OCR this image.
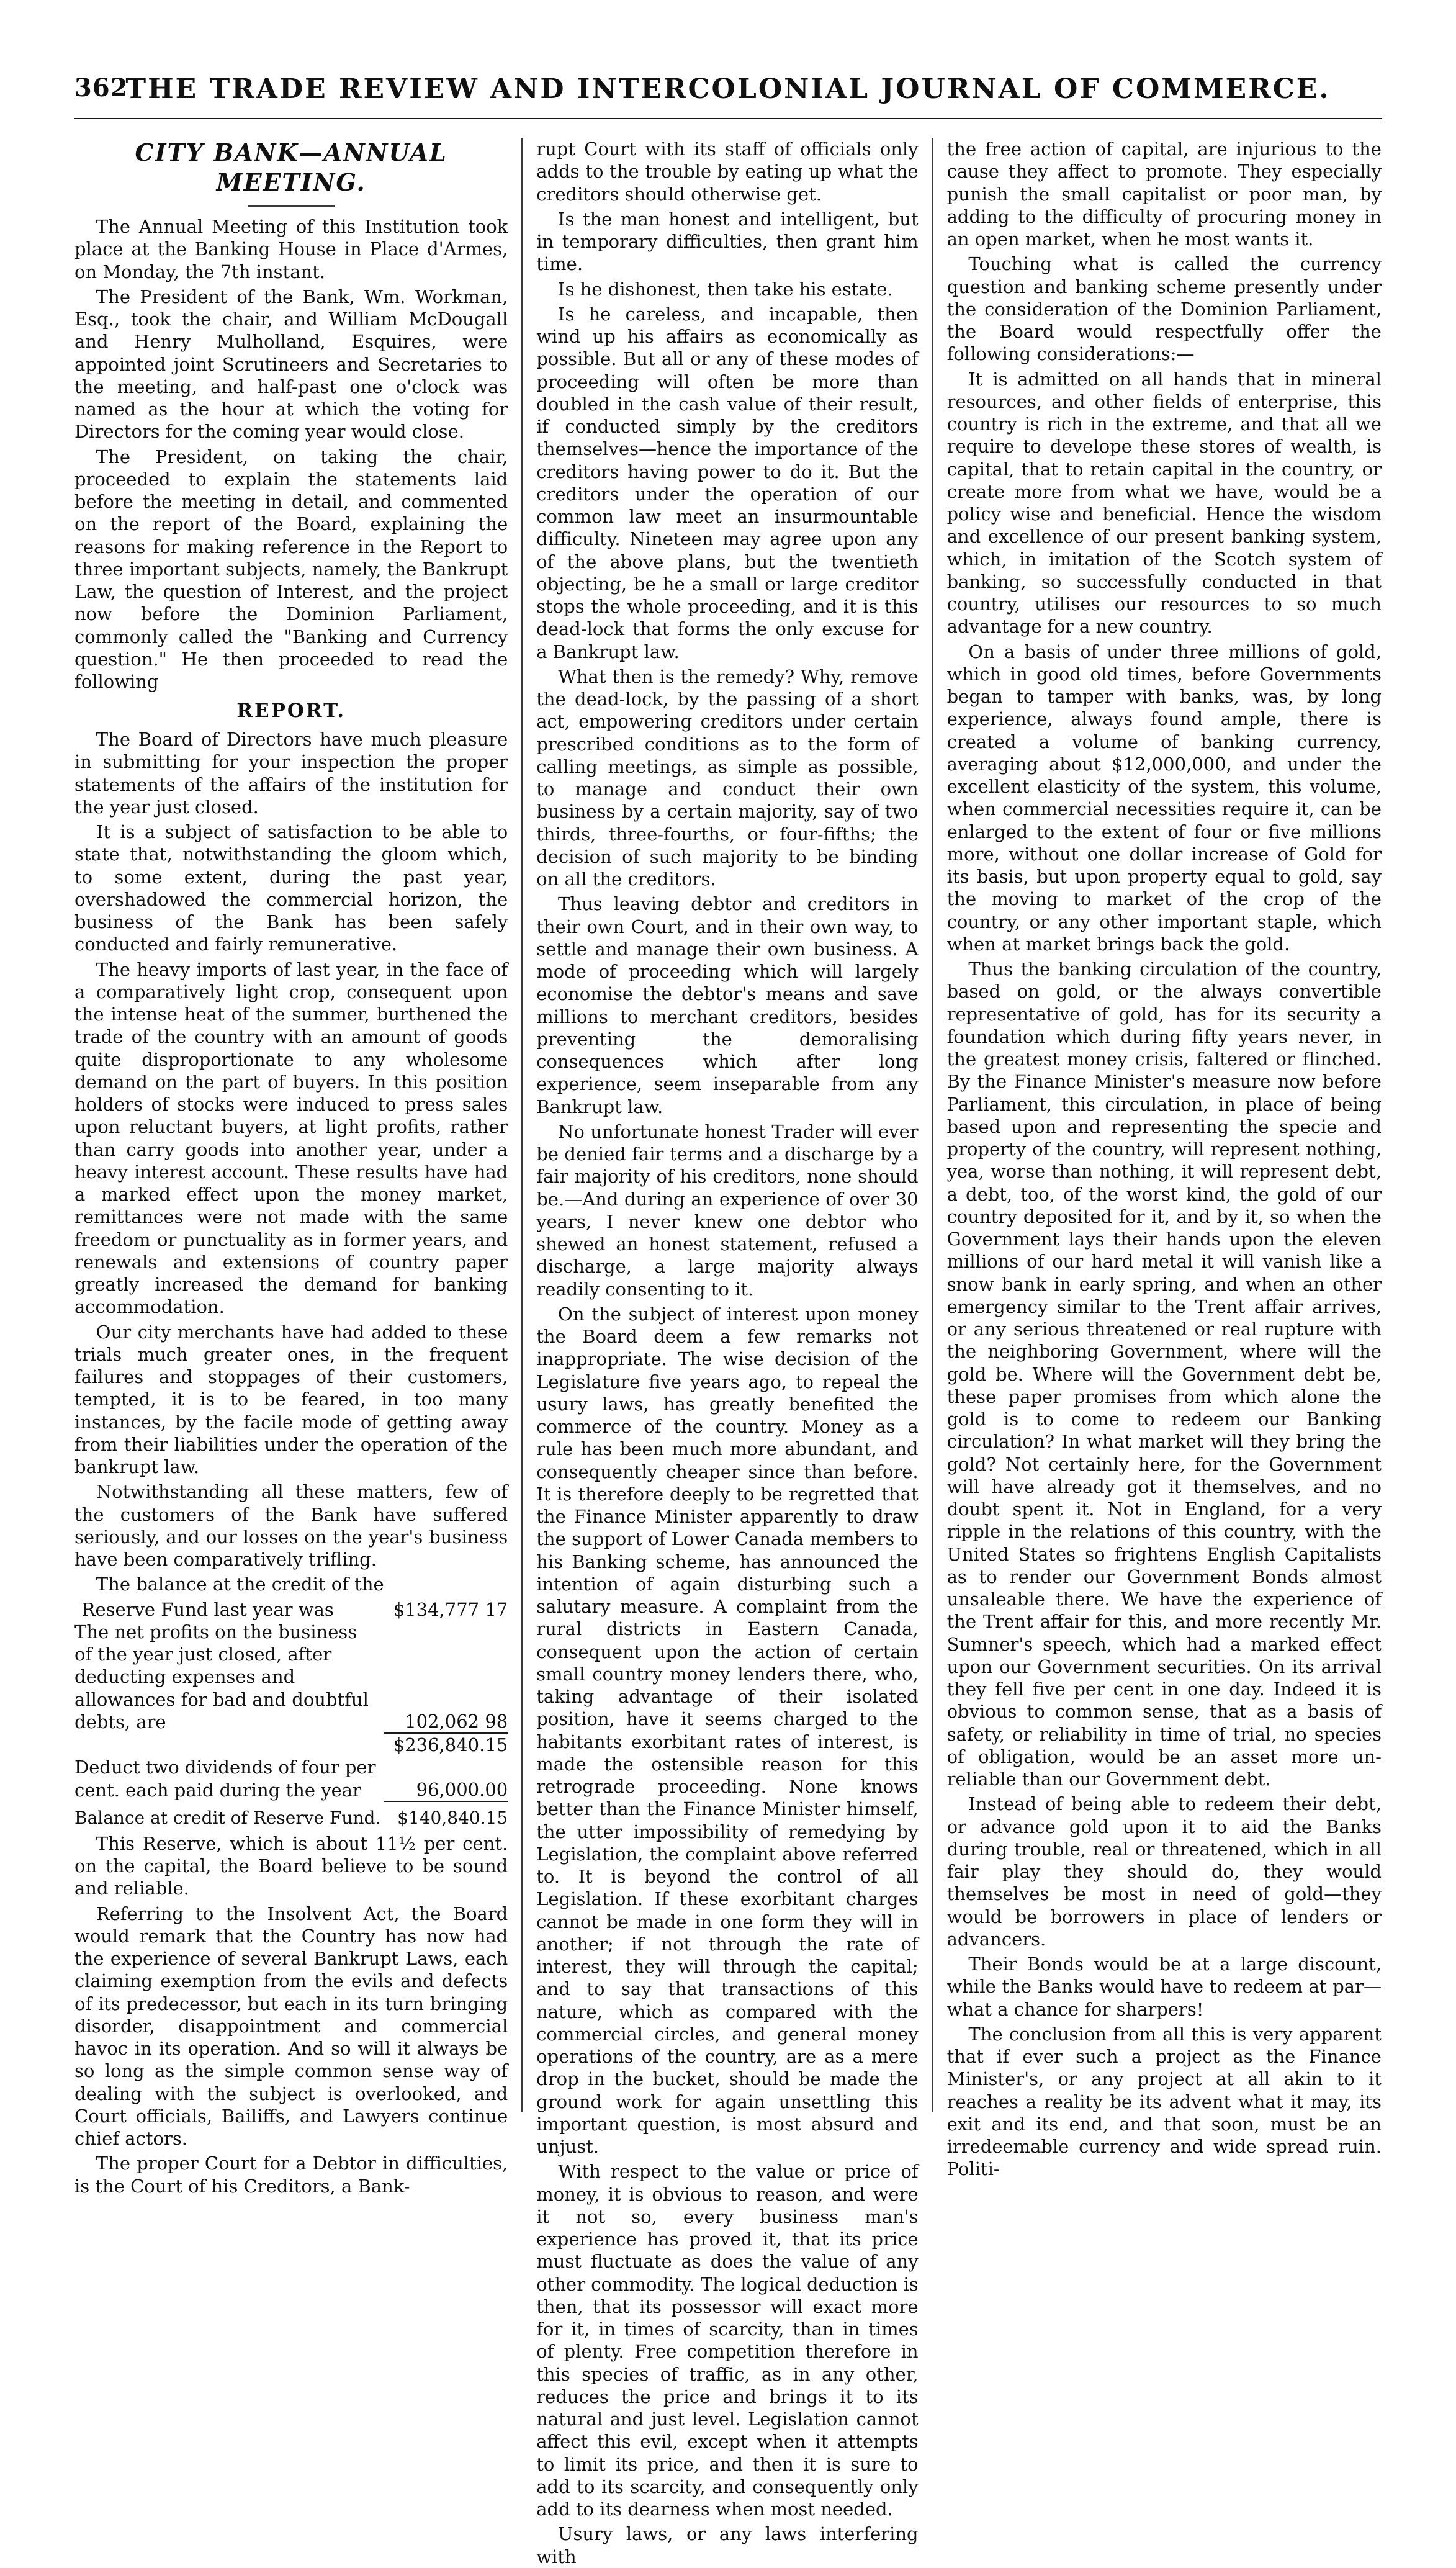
362
THE TRADE REVIEW AND INTERCOLONIAL JOURNAL OF COMMERCE.
CITY BANK—ANNUAL MEETING.

The Annual Meeting of this Institution took place at the Banking House in Place d'Armes, on Monday, the 7th instant.

The President of the Bank, Wm. Workman, Esq., took the chair, and William McDougall and Henry Mulholland, Esquires, were appointed joint Scrutineers and Secretaries to the meeting, and half-past one o'clock was named as the hour at which the voting for Directors for the coming year would close.

The President, on taking the chair, proceeded to explain the statements laid before the meeting in detail, and commented on the report of the Board, explaining the reasons for making reference in the Report to three important subjects, namely, the Bankrupt Law, the question of Interest, and the project now before the Dominion Parliament, commonly called the "Banking and Currency question." He then proceeded to read the following

REPORT.

The Board of Directors have much pleasure in submitting for your inspection the proper statements of the affairs of the institution for the year just closed.

It is a subject of satisfaction to be able to state that, notwithstanding the gloom which, to some extent, during the past year, overshadowed the commercial horizon, the business of the Bank has been safely conducted and fairly remunerative.

The heavy imports of last year, in the face of a comparatively light crop, consequent upon the intense heat of the summer, burthened the trade of the country with an amount of goods quite disproportionate to any wholesome demand on the part of buyers. In this position holders of stocks were induced to press sales upon reluctant buyers, at light profits, rather than carry goods into another year, under a heavy interest account. These results have had a marked effect upon the money market, remittances were not made with the same freedom or punctuality as in former years, and renewals and extensions of country paper greatly increased the demand for banking accommodation.

Our city merchants have had added to these trials much greater ones, in the frequent failures and stoppages of their customers, tempted, it is to be feared, in too many instances, by the facile mode of getting away from their liabilities under the operation of the bankrupt law.

Notwithstanding all these matters, few of the customers of the Bank have suffered seriously, and our losses on the year's business have been comparatively trifling.

The balance at the credit of the

Reserve Fund last year was	$134,777 17
The net profits on the business of the year just closed, after deducting expenses and allowances for bad and doubtful debts, are	102,062 98
	$236,840.15
Deduct two dividends of four per cent. each paid during the year	96,000.00
Balance at credit of Reserve Fund. $140,840.15

This Reserve, which is about 11½ per cent. on the capital, the Board believe to be sound and reliable.

Referring to the Insolvent Act, the Board would remark that the Country has now had the experience of several Bankrupt Laws, each claiming exemption from the evils and defects of its predecessor, but each in its turn bringing disorder, disappointment and commercial havoc in its operation. And so will it always be so long as the simple common sense way of dealing with the subject is overlooked, and Court officials, Bailiffs, and Lawyers continue chief actors.

The proper Court for a Debtor in difficulties, is the Court of his Creditors, a Bank-

rupt Court with its staff of officials only adds to the trouble by eating up what the creditors should otherwise get.

Is the man honest and intelligent, but in temporary difficulties, then grant him time.

Is he dishonest, then take his estate.

Is he careless, and incapable, then wind up his affairs as economically as possible. But all or any of these modes of proceeding will often be more than doubled in the cash value of their result, if conducted simply by the creditors themselves—hence the importance of the creditors having power to do it. But the creditors under the operation of our common law meet an insurmountable difficulty. Nineteen may agree upon any of the above plans, but the twentieth objecting, be he a small or large creditor stops the whole proceeding, and it is this dead-lock that forms the only excuse for a Bankrupt law.

What then is the remedy? Why, remove the dead-lock, by the passing of a short act, empowering creditors under certain prescribed conditions as to the form of calling meetings, as simple as possible, to manage and conduct their own business by a certain majority, say of two thirds, three-fourths, or four-fifths; the decision of such majority to be binding on all the creditors.

Thus leaving debtor and creditors in their own Court, and in their own way, to settle and manage their own business. A mode of proceeding which will largely economise the debtor's means and save millions to merchant creditors, besides preventing the demoralising consequences which after long experience, seem inseparable from any Bankrupt law.

No unfortunate honest Trader will ever be denied fair terms and a discharge by a fair majority of his creditors, none should be.—And during an experience of over 30 years, I never knew one debtor who shewed an honest statement, refused a discharge, a large majority always readily consenting to it.

On the subject of interest upon money the Board deem a few remarks not inappropriate. The wise decision of the Legislature five years ago, to repeal the usury laws, has greatly benefited the commerce of the country. Money as a rule has been much more abundant, and consequently cheaper since than before. It is therefore deeply to be regretted that the Finance Minister apparently to draw the support of Lower Canada members to his Banking scheme, has announced the intention of again disturbing such a salutary measure. A complaint from the rural districts in Eastern Canada, consequent upon the action of certain small country money lenders there, who, taking advantage of their isolated position, have it seems charged to the habitants exorbitant rates of interest, is made the ostensible reason for this retrograde proceeding. None knows better than the Finance Minister himself, the utter impossibility of remedying by Legislation, the complaint above referred to. It is beyond the control of all Legislation. If these exorbitant charges cannot be made in one form they will in another; if not through the rate of interest, they will through the capital; and to say that transactions of this nature, which as compared with the commercial circles, and general money operations of the country, are as a mere drop in the bucket, should be made the ground work for again unsettling this important question, is most absurd and unjust.

With respect to the value or price of money, it is obvious to reason, and were it not so, every business man's experience has proved it, that its price must fluctuate as does the value of any other commodity. The logical deduction is then, that its possessor will exact more for it, in times of scarcity, than in times of plenty. Free competition therefore in this species of traffic, as in any other, reduces the price and brings it to its natural and just level. Legislation cannot affect this evil, except when it attempts to limit its price, and then it is sure to add to its scarcity, and consequently only add to its dearness when most needed.

Usury laws, or any laws interfering with

the free action of capital, are injurious to the cause they affect to promote. They especially punish the small capitalist or poor man, by adding to the difficulty of procuring money in an open market, when he most wants it.

Touching what is called the currency question and banking scheme presently under the consideration of the Dominion Parliament, the Board would respectfully offer the following considerations:—

It is admitted on all hands that in mineral resources, and other fields of enterprise, this country is rich in the extreme, and that all we require to develope these stores of wealth, is capital, that to retain capital in the country, or create more from what we have, would be a policy wise and beneficial. Hence the wisdom and excellence of our present banking system, which, in imitation of the Scotch system of banking, so successfully conducted in that country, utilises our resources to so much advantage for a new country.

On a basis of under three millions of gold, which in good old times, before Governments began to tamper with banks, was, by long experience, always found ample, there is created a volume of banking currency, averaging about $12,000,000, and under the excellent elasticity of the system, this volume, when commercial necessities require it, can be enlarged to the extent of four or five millions more, without one dollar increase of Gold for its basis, but upon property equal to gold, say the moving to market of the crop of the country, or any other important staple, which when at market brings back the gold.

Thus the banking circulation of the country, based on gold, or the always convertible representative of gold, has for its security a foundation which during fifty years never, in the greatest money crisis, faltered or flinched. By the Finance Minister's measure now before Parliament, this circulation, in place of being based upon and representing the specie and property of the country, will represent nothing, yea, worse than nothing, it will represent debt, a debt, too, of the worst kind, the gold of our country deposited for it, and by it, so when the Government lays their hands upon the eleven millions of our hard metal it will vanish like a snow bank in early spring, and when an other emergency similar to the Trent affair arrives, or any serious threatened or real rupture with the neighboring Government, where will the gold be. Where will the Government debt be, these paper promises from which alone the gold is to come to redeem our Banking circulation? In what market will they bring the gold? Not certainly here, for the Government will have already got it themselves, and no doubt spent it. Not in England, for a very ripple in the relations of this country, with the United States so frightens English Capitalists as to render our Government Bonds almost unsaleable there. We have the experience of the Trent affair for this, and more recently Mr. Sumner's speech, which had a marked effect upon our Government securities. On its arrival they fell five per cent in one day. Indeed it is obvious to common sense, that as a basis of safety, or reliability in time of trial, no species of obligation, would be an asset more un-reliable than our Government debt.

Instead of being able to redeem their debt, or advance gold upon it to aid the Banks during trouble, real or threatened, which in all fair play they should do, they would themselves be most in need of gold—they would be borrowers in place of lenders or advancers.

Their Bonds would be at a large discount, while the Banks would have to redeem at par—what a chance for sharpers!

The conclusion from all this is very apparent that if ever such a project as the Finance Minister's, or any project at all akin to it reaches a reality be its advent what it may, its exit and its end, and that soon, must be an irredeemable currency and wide spread ruin. Politi-
